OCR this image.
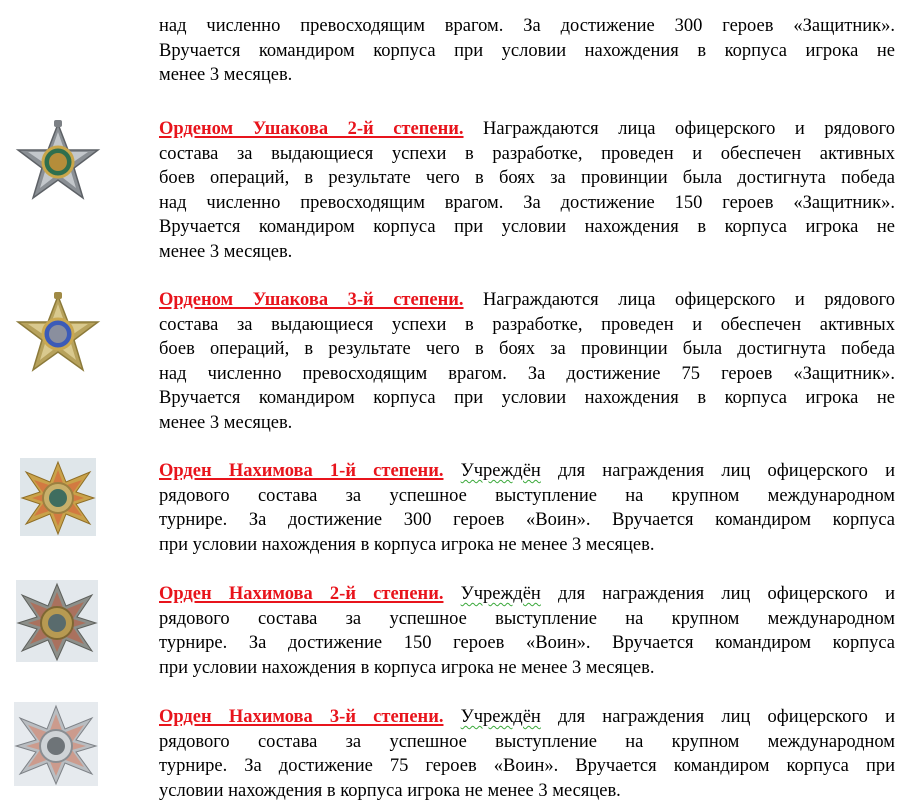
над численно превосходящим врагом. За достижение 300 героев «Защитник».
Вручается командиром корпуса при условии нахождения в корпуса игрока не
менее 3 месяцев.
Орденом Ушакова 2-й степени. Награждаются лица офицерского и рядового
состава за выдающиеся успехи в разработке, проведен и обеспечен активных
боев операций, в результате чего в боях за провинции была достигнута победа
над численно превосходящим врагом. За достижение 150 героев «Защитник».
Вручается командиром корпуса при условии нахождения в корпуса игрока не
менее 3 месяцев.
Орденом Ушакова 3-й степени. Награждаются лица офицерского и рядового
состава за выдающиеся успехи в разработке, проведен и обеспечен активных
боев операций, в результате чего в боях за провинции была достигнута победа
над численно превосходящим врагом. За достижение 75 героев «Защитник».
Вручается командиром корпуса при условии нахождения в корпуса игрока не
менее 3 месяцев.
Орден Нахимова 1-й степени. Учреждён для награждения лиц офицерского и
рядового состава за успешное выступление на крупном международном
турнире. За достижение 300 героев «Воин». Вручается командиром корпуса
при условии нахождения в корпуса игрока не менее 3 месяцев.
Орден Нахимова 2-й степени. Учреждён для награждения лиц офицерского и
рядового состава за успешное выступление на крупном международном
турнире. За достижение 150 героев «Воин». Вручается командиром корпуса
при условии нахождения в корпуса игрока не менее 3 месяцев.
Орден Нахимова 3-й степени. Учреждён для награждения лиц офицерского и
рядового состава за успешное выступление на крупном международном
турнире. За достижение 75 героев «Воин». Вручается командиром корпуса при
условии нахождения в корпуса игрока не менее 3 месяцев.
